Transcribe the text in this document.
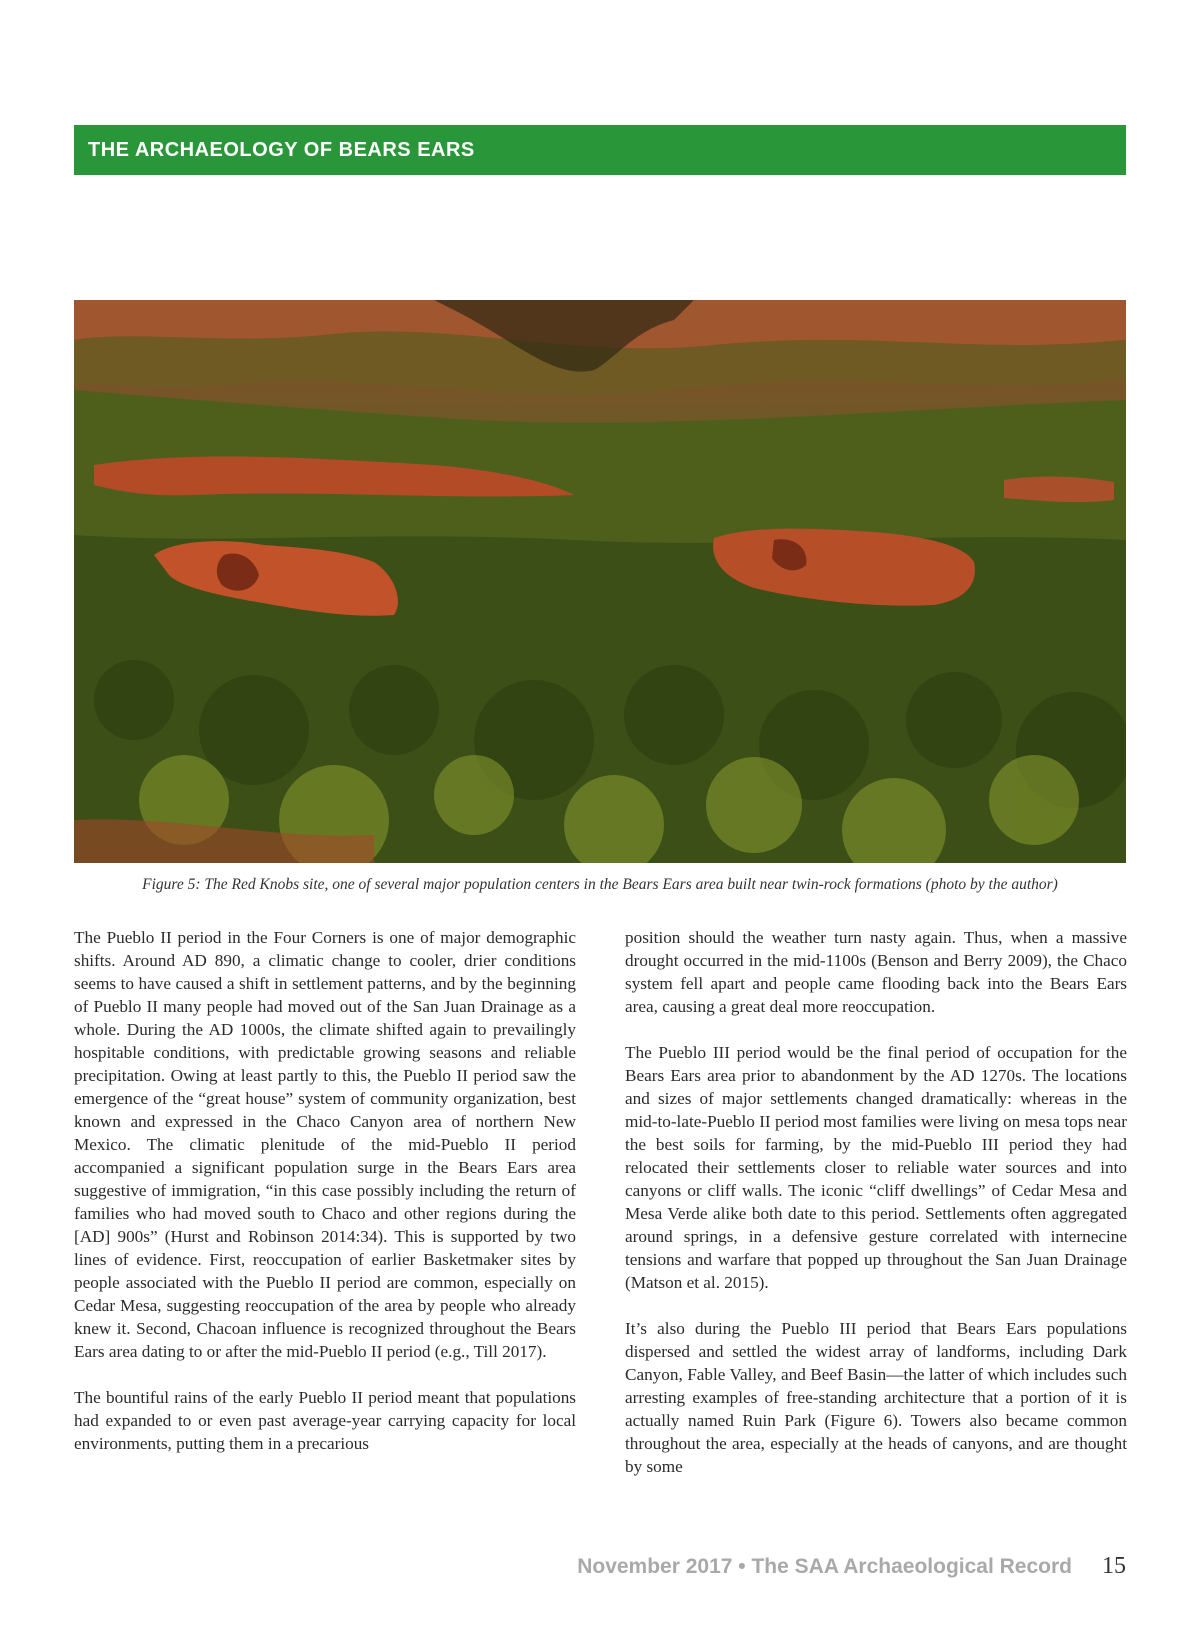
THE ARCHAEOLOGY OF BEARS EARS
Figure 5: The Red Knobs site, one of several major population centers in the Bears Ears area built near twin-rock formations (photo by the author)

The Pueblo II period in the Four Corners is one of major demographic shifts. Around AD 890, a climatic change to cooler, drier conditions seems to have caused a shift in settlement patterns, and by the beginning of Pueblo II many people had moved out of the San Juan Drainage as a whole. During the AD 1000s, the climate shifted again to prevailingly hospitable conditions, with predictable growing seasons and reliable precipitation. Owing at least partly to this, the Pueblo II period saw the emergence of the “great house” system of community organization, best known and expressed in the Chaco Canyon area of northern New Mexico. The climatic plenitude of the mid-Pueblo II period accompanied a significant population surge in the Bears Ears area suggestive of immigration, “in this case possibly including the return of families who had moved south to Chaco and other regions during the [AD] 900s” (Hurst and Robinson 2014:34). This is supported by two lines of evidence. First, reoccupation of earlier Basketmaker sites by people associated with the Pueblo II period are common, especially on Cedar Mesa, suggesting reoccupation of the area by people who already knew it. Second, Chacoan influence is recognized throughout the Bears Ears area dating to or after the mid-Pueblo II period (e.g., Till 2017).

The bountiful rains of the early Pueblo II period meant that populations had expanded to or even past average-year carrying capacity for local environments, putting them in a precarious

position should the weather turn nasty again. Thus, when a massive drought occurred in the mid-1100s (Benson and Berry 2009), the Chaco system fell apart and people came flooding back into the Bears Ears area, causing a great deal more reoccupation.

The Pueblo III period would be the final period of occupation for the Bears Ears area prior to abandonment by the AD 1270s. The locations and sizes of major settlements changed dramatically: whereas in the mid-to-late-Pueblo II period most families were living on mesa tops near the best soils for farming, by the mid-Pueblo III period they had relocated their settlements closer to reliable water sources and into canyons or cliff walls. The iconic “cliff dwellings” of Cedar Mesa and Mesa Verde alike both date to this period. Settlements often aggregated around springs, in a defensive gesture correlated with internecine tensions and warfare that popped up throughout the San Juan Drainage (Matson et al. 2015).

It’s also during the Pueblo III period that Bears Ears populations dispersed and settled the widest array of landforms, including Dark Canyon, Fable Valley, and Beef Basin—the latter of which includes such arresting examples of free-standing architecture that a portion of it is actually named Ruin Park (Figure 6). Towers also became common throughout the area, especially at the heads of canyons, and are thought by some

November 2017 • The SAA Archaeological Record 15
